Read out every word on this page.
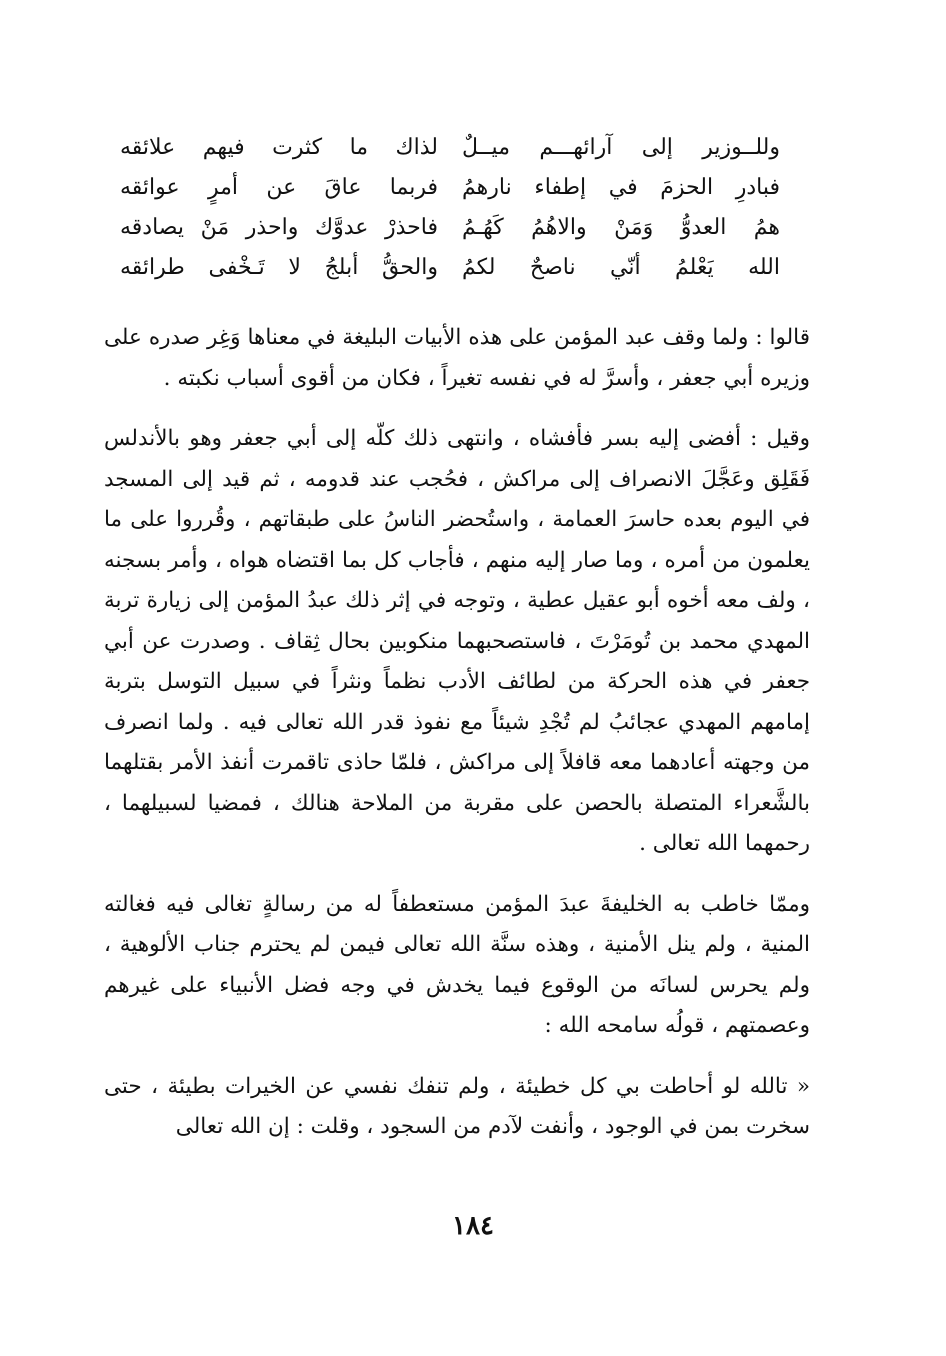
وللــوزير إلى آرائهـــم ميــلٌ
لذاك ما كثرت فيهم علائقه
فبادرِ الحزمَ في إطفاء نارهمُ
فربما عاقَ عن أمرٍ عوائقه
همُ العدوُّ وَمَنْ والاهُمُ كَهُـمُ
فاحذرْ عدوَّك واحذر مَنْ يصادقه
الله يَعْلمُ أنّي ناصحٌ لكمُ
والحقُّ أبلجُ لا تَـخْفى طرائقه

قالوا : ولما وقف عبد المؤمن على هذه الأبيات البليغة في معناها وَغِر صدره على وزيره أبي جعفر ، وأسرَّ له في نفسه تغيراً ، فكان من أقوى أسباب نكبته .

وقيل : أفضى إليه بسر فأفشاه ، وانتهى ذلك كلّه إلى أبي جعفر وهو بالأندلس فَقَلِق وعَجَّلَ الانصراف إلى مراكش ، فحُجب عند قدومه ، ثم قيد إلى المسجد في اليوم بعده حاسرَ العمامة ، واستُحضر الناسُ على طبقاتهم ، وقُرروا على ما يعلمون من أمره ، وما صار إليه منهم ، فأجاب كل بما اقتضاه هواه ، وأمر بسجنه ، ولف معه أخوه أبو عقيل عطية ، وتوجه في إثر ذلك عبدُ المؤمن إلى زيارة تربة المهدي محمد بن تُومَرْتَ ، فاستصحبهما منكوبين بحال ثِقاف . وصدرت عن أبي جعفر في هذه الحركة من لطائف الأدب نظماً ونثراً في سبيل التوسل بتربة إمامهم المهدي عجائبُ لم تُجْدِ شيئاً مع نفوذ قدر الله تعالى فيه . ولما انصرف من وجهته أعادهما معه قافلاً إلى مراكش ، فلمّا حاذى تاقمرت أنفذ الأمر بقتلهما بالشَّعراء المتصلة بالحصن على مقربة من الملاحة هنالك ، فمضيا لسبيلهما ، رحمهما الله تعالى .

وممّا خاطب به الخليفةَ عبدَ المؤمن مستعطفاً له من رسالةٍ تغالى فيه فغالته المنية ، ولم ينل الأمنية ، وهذه سنَّة الله تعالى فيمن لم يحترم جناب الألوهية ، ولم يحرس لسانَه من الوقوع فيما يخدش في وجه فضل الأنبياء على غيرهم وعصمتهم ، قولُه سامحه الله :

« تالله لو أحاطت بي كل خطيئة ، ولم تنفك نفسي عن الخيرات بطيئة ، حتى سخرت بمن في الوجود ، وأنفت لآدم من السجود ، وقلت : إن الله تعالى

١٨٤
